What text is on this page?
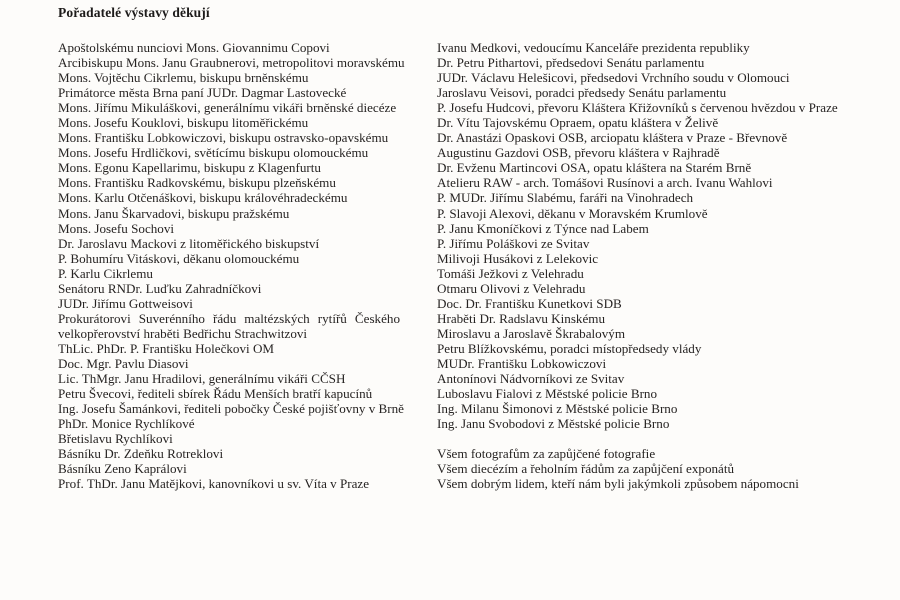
Pořadatelé výstavy děkují
Apoštolskému nunciovi Mons. Giovannimu Copovi
Arcibiskupu Mons. Janu Graubnerovi, metropolitovi moravskému
Mons. Vojtěchu Cikrlemu, biskupu brněnskému
Primátorce města Brna paní JUDr. Dagmar Lastovecké
Mons. Jiřímu Mikuláškovi, generálnímu vikáři brněnské diecéze
Mons. Josefu Kouklovi, biskupu litoměřickému
Mons. Františku Lobkowiczovi, biskupu ostravsko-opavskému
Mons. Josefu Hrdličkovi, světícímu biskupu olomouckému
Mons. Egonu Kapellarimu, biskupu z Klagenfurtu
Mons. Františku Radkovskému, biskupu plzeňskému
Mons. Karlu Otčenáškovi, biskupu královéhradeckému
Mons. Janu Škarvadovi, biskupu pražskému
Mons. Josefu Sochovi
Dr. Jaroslavu Mackovi z litoměřického biskupství
P. Bohumíru Vitáskovi, děkanu olomouckému
P. Karlu Cikrlemu
Senátoru RNDr. Luďku Zahradníčkovi
JUDr. Jiřímu Gottweisovi
Prokurátorovi Suverénního řádu maltézských rytířů Českého velkopřerovství hraběti Bedřichu Strachwitzovi
ThLic. PhDr. P. Františku Holečkovi OM
Doc. Mgr. Pavlu Diasovi
Lic. ThMgr. Janu Hradilovi, generálnímu vikáři CČSH
Petru Švecovi, řediteli sbírek Řádu Menších bratří kapucínů
Ing. Josefu Šamánkovi, řediteli pobočky České pojišťovny v Brně
PhDr. Monice Rychlíkové
Břetislavu Rychlíkovi
Básníku Dr. Zdeňku Rotreklovi
Básníku Zeno Kaprálovi
Prof. ThDr. Janu Matějkovi, kanovníkovi u sv. Víta v Praze
Ivanu Medkovi, vedoucímu Kanceláře prezidenta republiky
Dr. Petru Pithartovi, předsedovi Senátu parlamentu
JUDr. Václavu Helešicovi, předsedovi Vrchního soudu v Olomouci
Jaroslavu Veisovi, poradci předsedy Senátu parlamentu
P. Josefu Hudcovi, převoru Kláštera Křižovníků s červenou hvězdou v Praze
Dr. Vítu Tajovskému Opraem, opatu kláštera v Želivě
Dr. Anastázi Opaskovi OSB, arciopatu kláštera v Praze - Břevnově
Augustinu Gazdovi OSB, převoru kláštera v Rajhradě
Dr. Evženu Martincovi OSA, opatu kláštera na Starém Brně
Atelieru RAW - arch. Tomášovi Rusínovi a arch. Ivanu Wahlovi
P. MUDr. Jiřímu Slabému, faráři na Vinohradech
P. Slavoji Alexovi, děkanu v Moravském Krumlově
P. Janu Kmoníčkovi z Týnce nad Labem
P. Jiřímu Poláškovi ze Svitav
Milivoji Husákovi z Lelekovic
Tomáši Ježkovi z Velehradu
Otmaru Olivovi z Velehradu
Doc. Dr. Františku Kunetkovi SDB
Hraběti Dr. Radslavu Kinskému
Miroslavu a Jaroslavě Škrabalovým
Petru Blížkovskému, poradci místopředsedy vlády
MUDr. Františku Lobkowiczovi
Antonínovi Nádvorníkovi ze Svitav
Luboslavu Fialovi z Městské policie Brno
Ing. Milanu Šimonovi z Městské policie Brno
Ing. Janu Svobodovi z Městské policie Brno
Všem fotografům za zapůjčené fotografie
Všem diecézím a řeholním řádům za zapůjčení exponátů
Všem dobrým lidem, kteří nám byli jakýmkoli způsobem nápomocni
